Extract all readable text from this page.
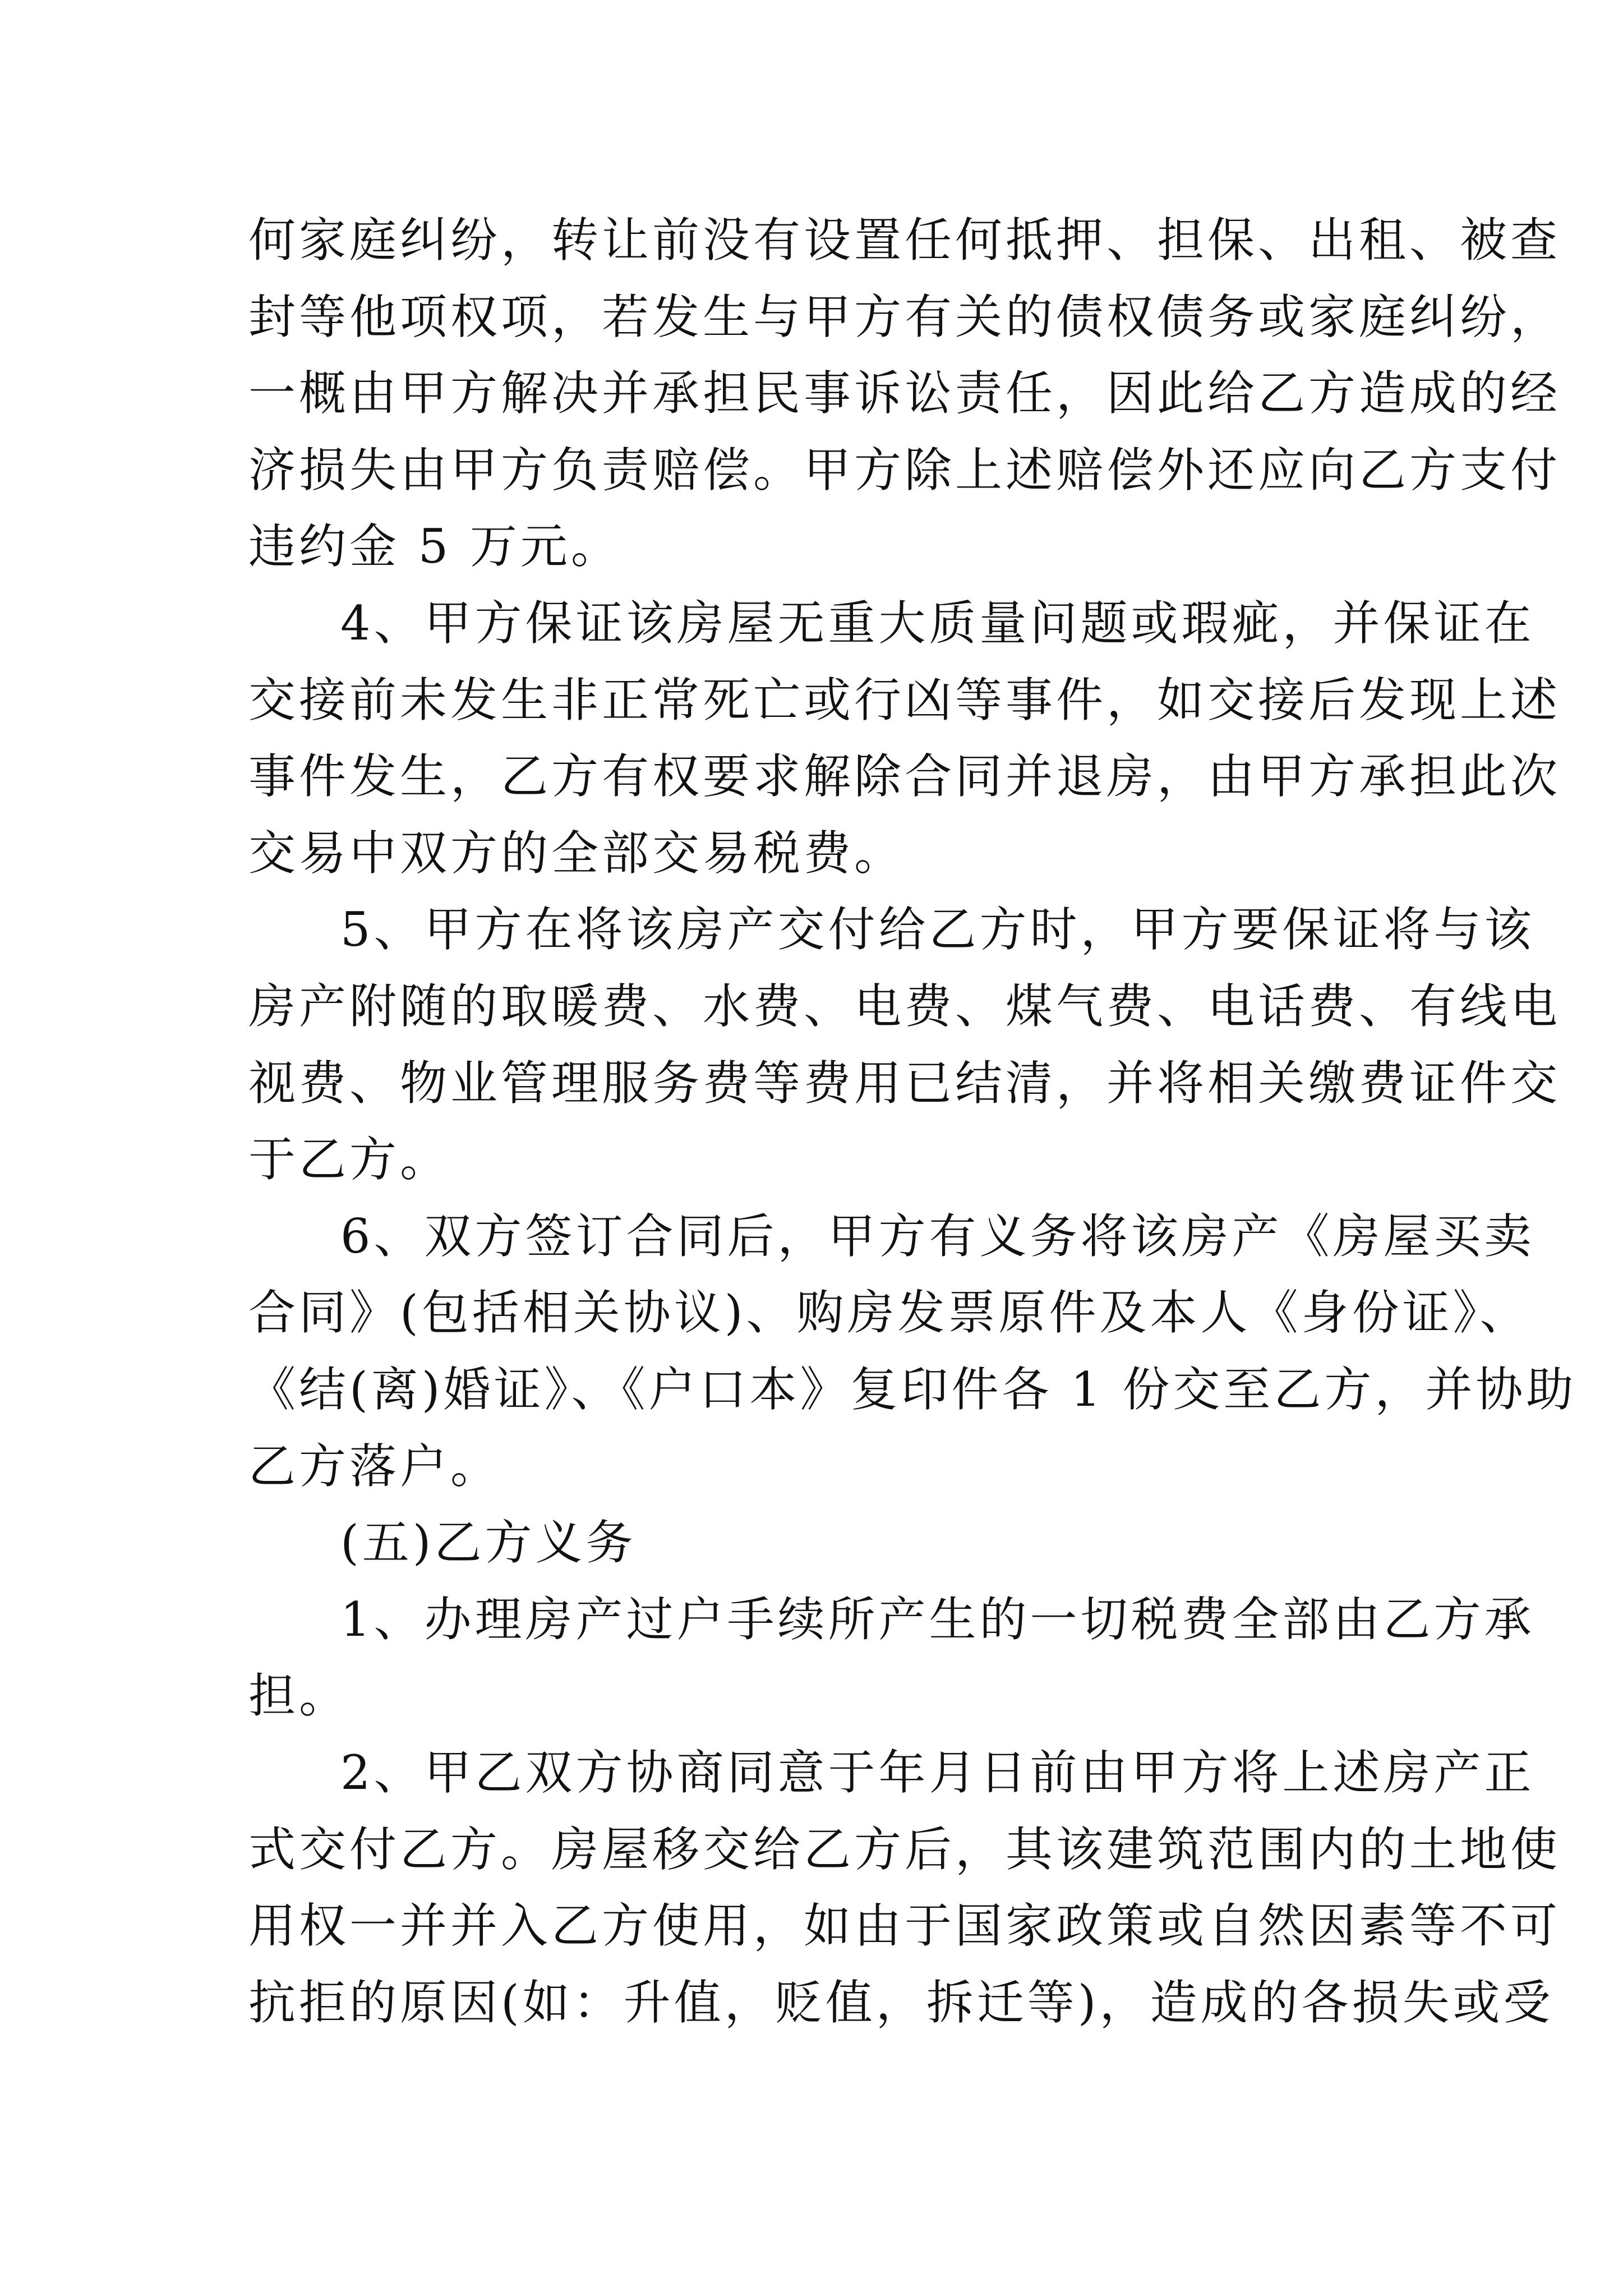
何家庭纠纷，转让前没有设置任何抵押、担保、出租、被查
封等他项权项，若发生与甲方有关的债权债务或家庭纠纷，
一概由甲方解决并承担民事诉讼责任，因此给乙方造成的经
济损失由甲方负责赔偿。甲方除上述赔偿外还应向乙方支付
违约金 5 万元。
4、甲方保证该房屋无重大质量问题或瑕疵，并保证在
交接前未发生非正常死亡或行凶等事件，如交接后发现上述
事件发生，乙方有权要求解除合同并退房，由甲方承担此次
交易中双方的全部交易税费。
5、甲方在将该房产交付给乙方时，甲方要保证将与该
房产附随的取暖费、水费、电费、煤气费、电话费、有线电
视费、物业管理服务费等费用已结清，并将相关缴费证件交
于乙方。
6、双方签订合同后，甲方有义务将该房产《房屋买卖
合同》(包括相关协议)、购房发票原件及本人《身份证》、
《结(离)婚证》、《户口本》复印件各 1 份交至乙方，并协助
乙方落户。
(五)乙方义务
1、办理房产过户手续所产生的一切税费全部由乙方承
担。
2、甲乙双方协商同意于年月日前由甲方将上述房产正
式交付乙方。房屋移交给乙方后，其该建筑范围内的土地使
用权一并并入乙方使用，如由于国家政策或自然因素等不可
抗拒的原因(如：升值，贬值，拆迁等)，造成的各损失或受
